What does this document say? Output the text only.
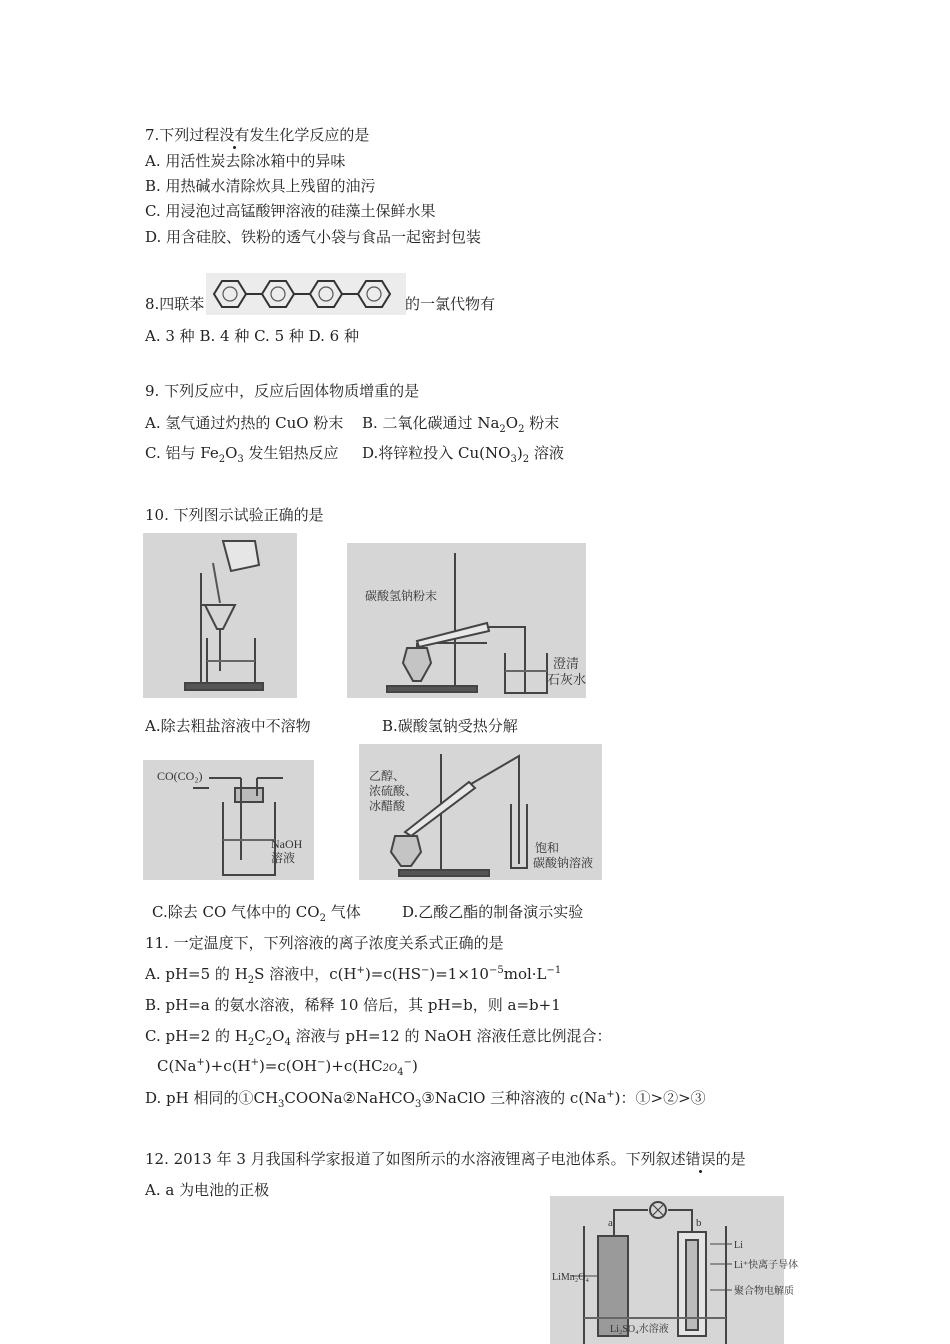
7.下列过程没有发生化学反应的是
A. 用活性炭去除冰箱中的异味
B. 用热碱水清除炊具上残留的油污
C. 用浸泡过高锰酸钾溶液的硅藻土保鲜水果
D. 用含硅胶、铁粉的透气小袋与食品一起密封包装
8.四联苯	的一氯代物有
A. 3 种 B. 4 种 C. 5 种 D. 6 种
9. 下列反应中，反应后固体物质增重的是
A. 氢气通过灼热的 CuO 粉末 B. 二氧化碳通过 $Na_2O_2$ 粉末
C. 铝与 $Fe_2O_3$ 发生铝热反应 D.将锌粒投入 $Cu(NO_3)_2$ 溶液
10. 下列图示试验正确的是
碳酸氢钠粉末
澄清
石灰水
A.除去粗盐溶液中不溶物	B.碳酸氢钠受热分解
CO(CO₂)
NaOH
溶液
乙醇、
浓硫酸、
冰醋酸
饱和
碳酸钠溶液
C.除去 CO 气体中的 $CO_2$ 气体	D.乙酸乙酯的制备演示实验
11. 一定温度下，下列溶液的离子浓度关系式正确的是
A. pH=5 的 $H_2S$ 溶液中，$c(H^+)=c(HS^-)=1\times 10^{-5}mol\cdot L^{-1}$
B. pH=a 的氨水溶液，稀释 10 倍后，其 pH=b，则 a=b+1
C. pH=2 的 $H_2C_2O_4$ 溶液与 pH=12 的 NaOH 溶液任意比例混合：
$C(Na^+)+c(H^+)=c(OH^-)+c(HC2O_4^-)$
D. pH 相同的$①CH_3COONa②NaHCO_3③NaClO$ 三种溶液的 c(Na+)：①>②>③
12. 2013 年 3 月我国科学家报道了如图所示的水溶液锂离子电池体系。下列叙述错误的是
A. a 为电池的正极
a	b
LiMn₂O₄
Li
Li⁺快离子导体
聚合物电解质
Li₂SO₄水溶液
